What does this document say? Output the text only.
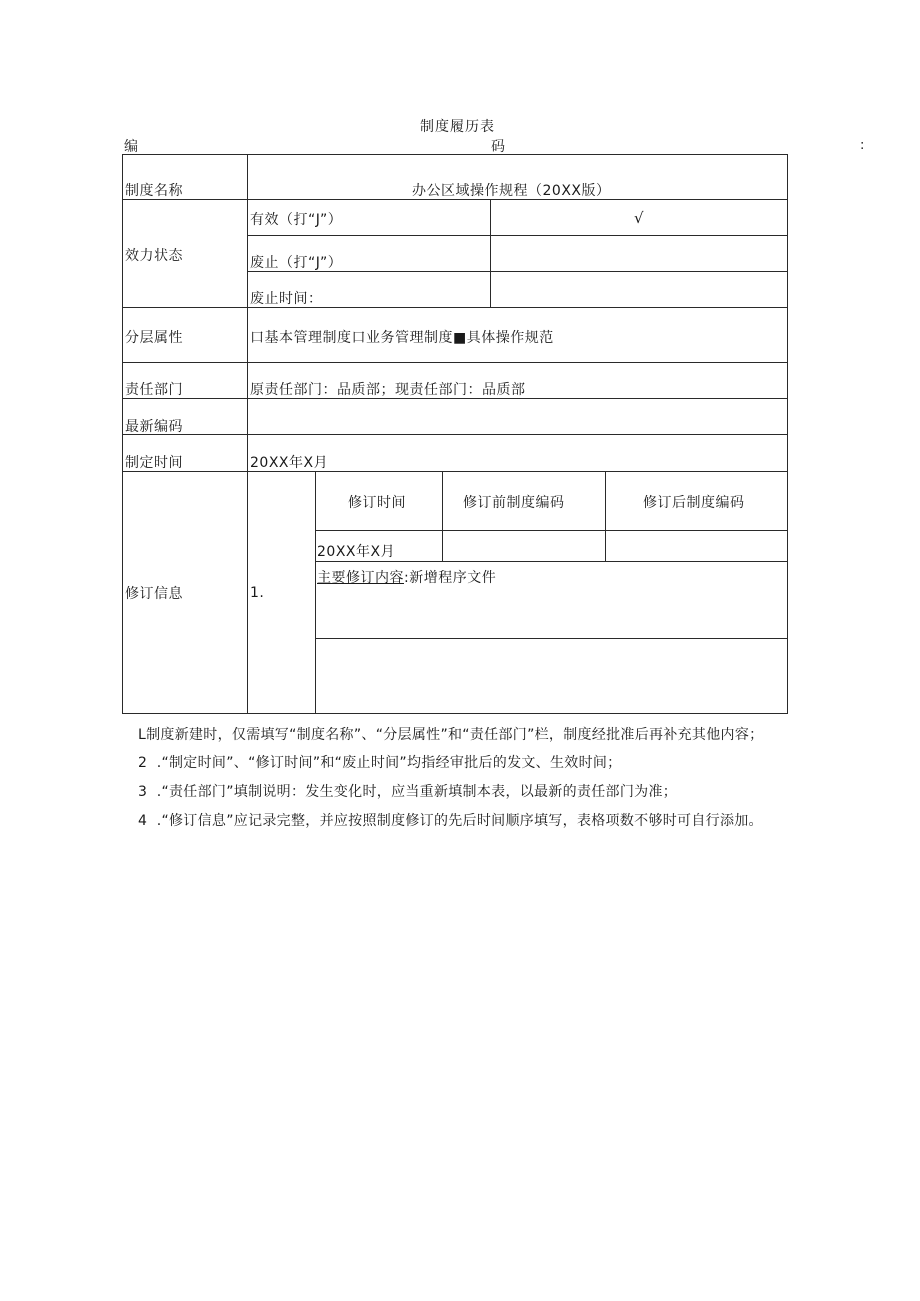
制度履历表
编	码	:
制度名称	办公区域操作规程（20XX版）
效力状态
有效（打“J”）	√
废止（打“J”）
废止时间：
分层属性	口基本管理制度口业务管理制度■具体操作规范
责任部门	原责任部门：品质部；现责任部门：品质部
最新编码
制定时间	20XX年X月
修订信息	1.
修订时间	修订前制度编码	修订后制度编码
20XX年X月
主要修订内容:新增程序文件
L制度新建时，仅需填写“制度名称”、“分层属性”和“责任部门”栏，制度经批准后再补充其他内容；
2  .“制定时间”、“修订时间”和“废止时间”均指经审批后的发文、生效时间；
3  .“责任部门”填制说明：发生变化时，应当重新填制本表，以最新的责任部门为准；
4  .“修订信息”应记录完整，并应按照制度修订的先后时间顺序填写，表格项数不够时可自行添加。
